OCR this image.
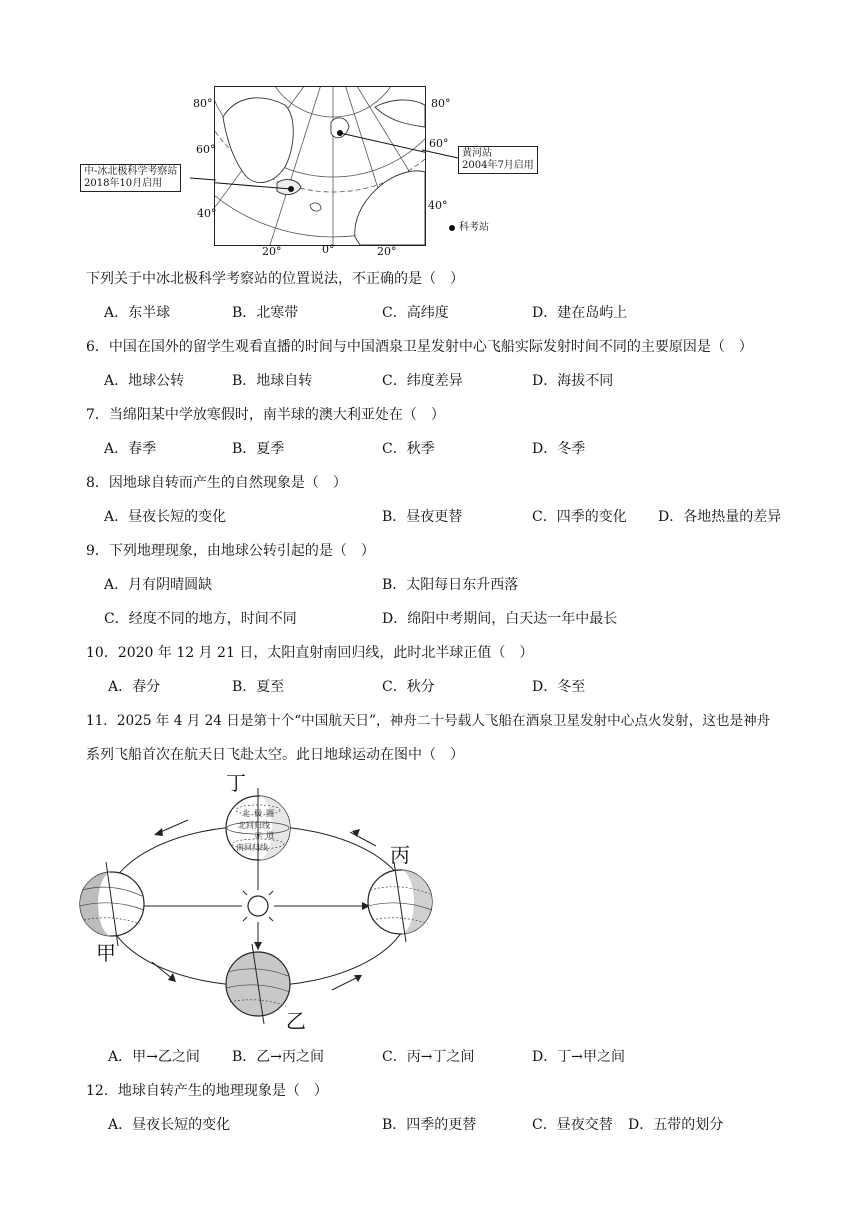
中-冰北极科学考察站
2018年10月启用
黄河站
2004年7月启用
80°
60°
40°
80°
60°
40°
20°	0°	20°
科考站
下列关于中冰北极科学考察站的位置说法，不正确的是（　）
A．东半球	B．北寒带	C．高纬度	D．建在岛屿上
6．中国在国外的留学生观看直播的时间与中国酒泉卫星发射中心飞船实际发射时间不同的主要原因是（　）
A．地球公转	B．地球自转	C．纬度差异	D．海拔不同
7．当绵阳某中学放寒假时，南半球的澳大利亚处在（　）
A．春季	B．夏季	C．秋季	D．冬季
8．因地球自转而产生的自然现象是（　）
A．昼夜长短的变化	B．昼夜更替	C．四季的变化 D．各地热量的差异
9．下列地理现象，由地球公转引起的是（　）
A．月有阴晴圆缺	B．太阳每日东升西落
C．经度不同的地方，时间不同	D．绵阳中考期间，白天达一年中最长
10．2020 年 12 月 21 日，太阳直射南回归线，此时北半球正值（　）
A．春分	B．夏至	C．秋分	D．冬至
11．2025 年 4 月 24 日是第十个“中国航天日”，神舟二十号载人飞船在酒泉卫星发射中心点火发射，这也是神舟
系列飞船首次在航天日飞赴太空。此日地球运动在图中（　）
北 极 圈
北回归线
赤 道
南回归线
丁
甲
乙
丙
A．甲→乙之间 B．乙→丙之间	C．丙→丁之间	D．丁→甲之间
12．地球自转产生的地理现象是（　）
A．昼夜长短的变化	B．四季的更替	C．昼夜交替 D．五带的划分
